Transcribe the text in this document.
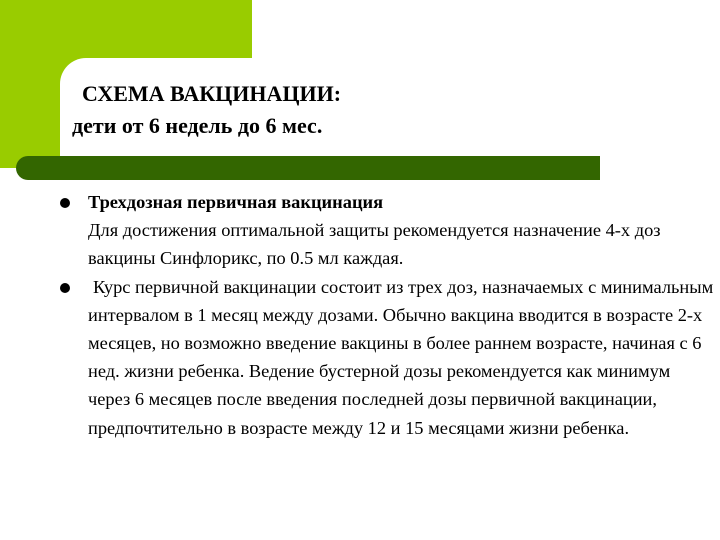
СХЕМА ВАКЦИНАЦИИ:
дети от 6 недель до 6 мес.
Трехдозная первичная вакцинация
Для достижения оптимальной защиты рекомендуется назначение 4-х доз вакцины Синфлорикс, по 0.5 мл каждая.
Курс первичной вакцинации состоит из трех доз, назначаемых с минимальным интервалом в 1 месяц между дозами. Обычно вакцина вводится в возрасте 2-х месяцев, но возможно введение вакцины в более раннем возрасте, начиная с 6 нед. жизни ребенка. Ведение бустерной дозы рекомендуется как минимум через 6 месяцев после введения последней дозы первичной вакцинации, предпочтительно в возрасте между 12 и 15 месяцами жизни ребенка.
